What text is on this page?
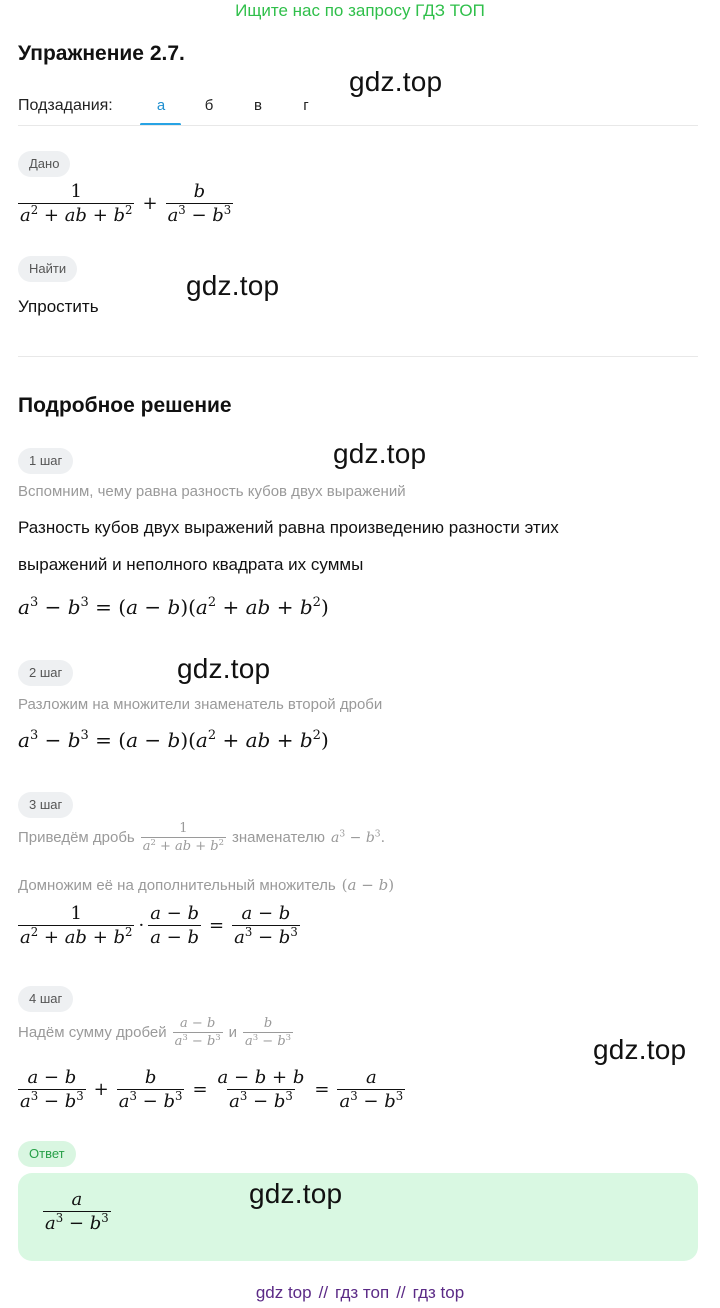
Ищите нас по запросу ГДЗ ТОП
Упражнение 2.7.
gdz.top
Подзадания:	а	б	в	г
Дано
$\frac{1}{a^2 + ab + b^2} + \frac{b}{a^3 - b^3}$
Найти
gdz.top
Упростить
Подробное решение
1 шаг	gdz.top
Вспомним, чему равна разность кубов двух выражений
Разность кубов двух выражений равна произведению разности этих
выражений и неполного квадрата их суммы
$a^3 - b^3 = (a - b)(a^2$ + ab + $b^2$)
2 шаг	gdz.top
Разложим на множители знаменатель второй дроби
$a^3 - b^3 = (a - b)(a^2$ + ab + $b^2$)
3 шаг
Приведём дробь $\frac{1}{a^2 + ab + b^2}$ знаменателю $a^3 - b^3$.
Домножим её на дополнительный множитель (a − b)
$\frac{1}{a^2 + ab + b^2} \cdot \frac{a - b}{a - b} = \frac{a - b}{a^3 - b^3}$
4 шаг
Надём сумму дробей $\frac{a - b}{a^3 - b^3}$ и $\frac{b}{a^3 - b^3}$
gdz.top
$\frac{a - b}{a^3 - b^3} + \frac{b}{a^3 - b^3} = \frac{a - b + b}{a^3 - b^3} = \frac{a}{a^3 - b^3}$
Ответ
$\frac{a}{a^3 - b^3}$	gdz.top
gdz top // гдз топ // гдз top
